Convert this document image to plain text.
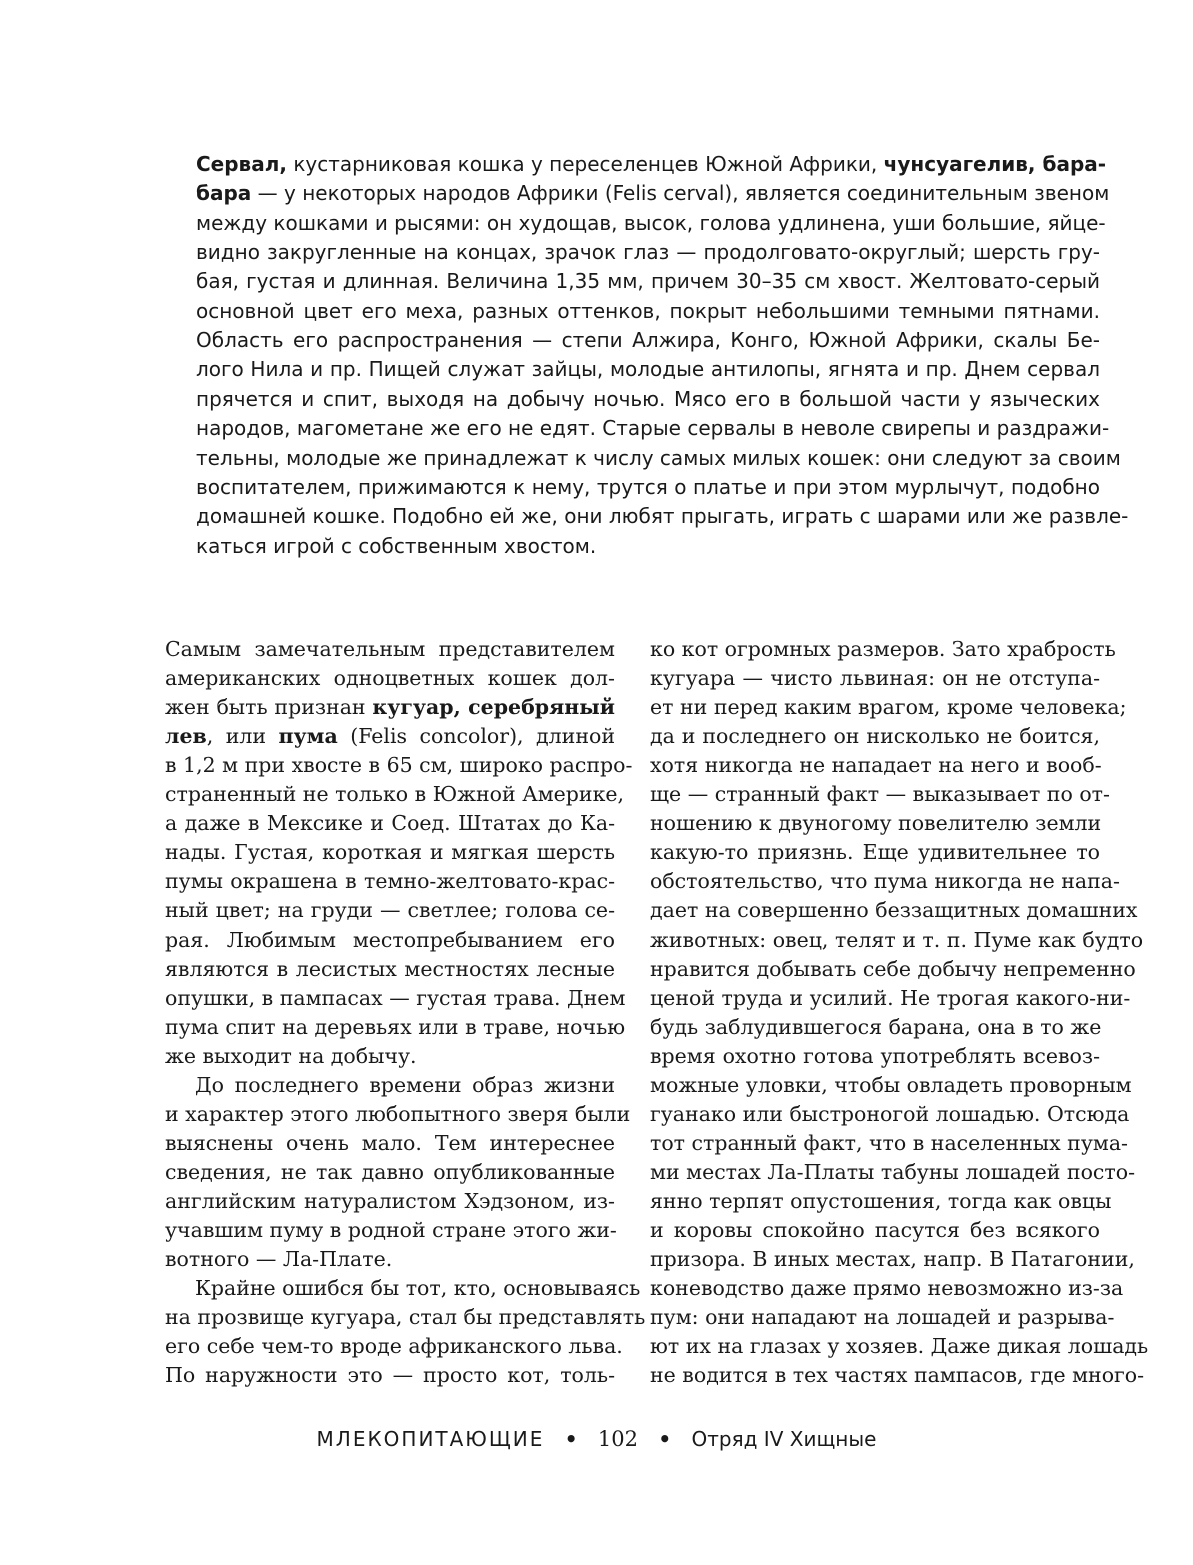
Сервал, кустарниковая кошка у переселенцев Южной Африки, чунсуагелив, бара-
бара — у некоторых народов Африки (Felis cerval), является соединительным звеном
между кошками и рысями: он худощав, высок, голова удлинена, уши большие, яйце-
видно закругленные на концах, зрачок глаз — продолговато-округлый; шерсть гру-
бая, густая и длинная. Величина 1,35 мм, причем 30–35 см хвост. Желтовато-серый
основной цвет его меха, разных оттенков, покрыт небольшими темными пятнами.
Область его распространения — степи Алжира, Конго, Южной Африки, скалы Бе-
лого Нила и пр. Пищей служат зайцы, молодые антилопы, ягнята и пр. Днем сервал
прячется и спит, выходя на добычу ночью. Мясо его в большой части у языческих
народов, магометане же его не едят. Старые сервалы в неволе свирепы и раздражи-
тельны, молодые же принадлежат к числу самых милых кошек: они следуют за своим
воспитателем, прижимаются к нему, трутся о платье и при этом мурлычут, подобно
домашней кошке. Подобно ей же, они любят прыгать, играть с шарами или же развле-
каться игрой с собственным хвостом.
Самым замечательным представителем
американских одноцветных кошек дол-
жен быть признан кугуар, серебряный
лев, или пума (Felis concolor), длиной
в 1,2 м при хвосте в 65 см, широко распро-
страненный не только в Южной Америке,
а даже в Мексике и Соед. Штатах до Ка-
нады. Густая, короткая и мягкая шерсть
пумы окрашена в темно-желтовато-крас-
ный цвет; на груди — светлее; голова се-
рая. Любимым местопребыванием его
являются в лесистых местностях лесные
опушки, в пампасах — густая трава. Днем
пума спит на деревьях или в траве, ночью
же выходит на добычу.
До последнего времени образ жизни
и характер этого любопытного зверя были
выяснены очень мало. Тем интереснее
сведения, не так давно опубликованные
английским натуралистом Хэдзоном, из-
учавшим пуму в родной стране этого жи-
вотного — Ла-Плате.
Крайне ошибся бы тот, кто, основываясь
на прозвище кугуара, стал бы представлять
его себе чем-то вроде африканского льва.
По наружности это — просто кот, толь-
ко кот огромных размеров. Зато храбрость
кугуара — чисто львиная: он не отступа-
ет ни перед каким врагом, кроме человека;
да и последнего он нисколько не боится,
хотя никогда не нападает на него и вооб-
ще — странный факт — выказывает по от-
ношению к двуногому повелителю земли
какую-то приязнь. Еще удивительнее то
обстоятельство, что пума никогда не напа-
дает на совершенно беззащитных домашних
животных: овец, телят и т. п. Пуме как будто
нравится добывать себе добычу непременно
ценой труда и усилий. Не трогая какого-ни-
будь заблудившегося барана, она в то же
время охотно готова употреблять всевоз-
можные уловки, чтобы овладеть проворным
гуанако или быстроногой лошадью. Отсюда
тот странный факт, что в населенных пума-
ми местах Ла-Платы табуны лошадей посто-
янно терпят опустошения, тогда как овцы
и коровы спокойно пасутся без всякого
призора. В иных местах, напр. В Патагонии,
коневодство даже прямо невозможно из-за
пум: они нападают на лошадей и разрыва-
ют их на глазах у хозяев. Даже дикая лошадь
не водится в тех частях пампасов, где много-
МЛЕКОПИТАЮЩИЕ • 102 • Отряд IV Хищные
